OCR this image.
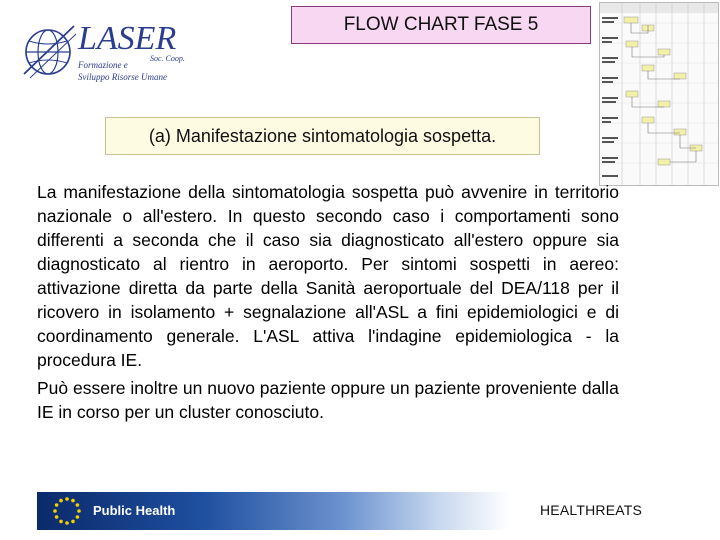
LASER
Soc. Coop.
Formazione e
Sviluppo Risorse Umane
FLOW CHART FASE 5
(a) Manifestazione sintomatologia sospetta.

La manifestazione della sintomatologia sospetta può avvenire in territorio nazionale o all'estero. In questo secondo caso i comportamenti sono differenti a seconda che il caso sia diagnosticato all'estero oppure sia diagnosticato al rientro in aeroporto. Per sintomi sospetti in aereo: attivazione diretta da parte della Sanità aeroportuale del DEA/118 per il ricovero in isolamento + segnalazione all'ASL a fini epidemiologici e di coordinamento generale. L'ASL attiva l'indagine epidemiologica - la procedura IE.

Può essere inoltre un nuovo paziente oppure un paziente proveniente dalla IE in corso per un cluster conosciuto.

Public Health	HEALTHREATS
